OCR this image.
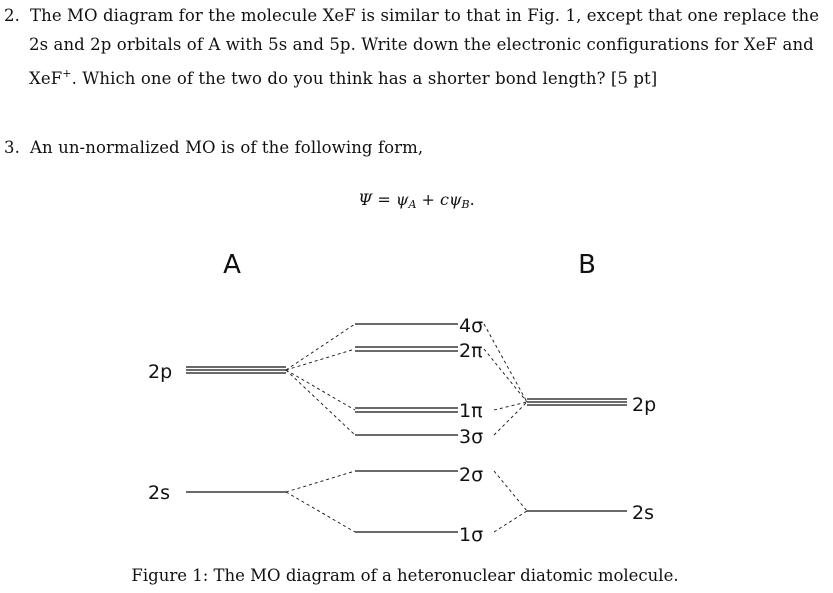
2. The MO diagram for the molecule XeF is similar to that in Fig. 1, except that one replace the
2s and 2p orbitals of A with 5s and 5p. Write down the electronic configurations for XeF and
XeF+. Which one of the two do you think has a shorter bond length? [5 pt]
3. An un-normalized MO is of the following form,
$\Psi = \psi_A + c\psi_B$.
A	B
2p
2s
2p
2s
4σ
2π
1π
3σ
2σ
1σ
Figure 1: The MO diagram of a heteronuclear diatomic molecule.
